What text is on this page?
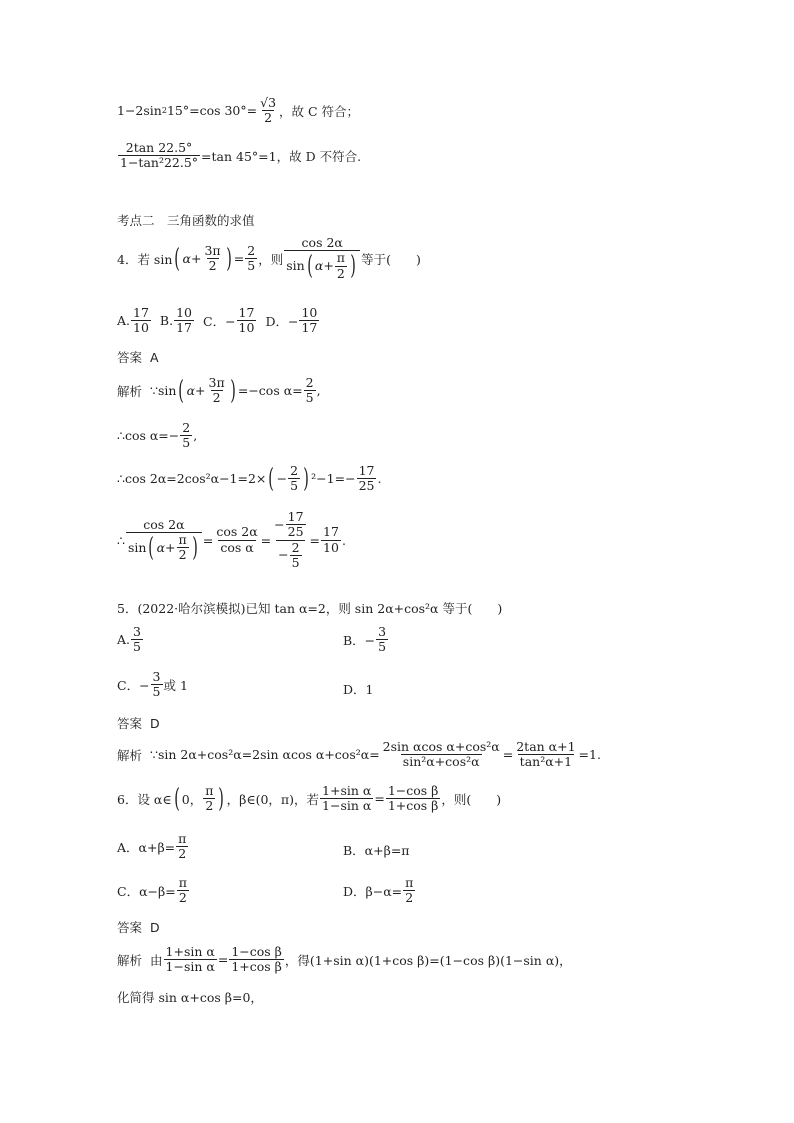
1−2sin 2 15°=cos $30^\circ= \frac{√3}{2}$ ，故 C 符合；
$\frac{2\tan 22.5^\circ}{\text{1−tan²22.5°}} =\tan$ 45°=1，故 D 不符合.
考点二　三角函数的求值
4．若 sin ( $\alpha+ \frac{3\pi}{2}$ ) = $\frac{2}{5}$ ，则 $\frac{\cos 2\alpha}{\sin ( \alpha+ \frac{\pi}{2} )}$ 等于(　　)
A. $\frac{17}{10} B$. $\frac{10}{17}$ C．− $\frac{17}{10}$ D．− $\frac{10}{17}$
答案 A
解析 ∵sin ( $\alpha+ \frac{3\pi}{2}$ ) =−cos $\alpha= \frac{2}{5}$ ,
∴cos $\alpha=- \frac{2}{5}$ ,
∴cos 2α=2cos²α−1=2× ( − $\frac{2}{5}$ ) $^2-1=- \frac{17}{25}$ .
∴ $\frac{\cos 2\alpha}{\sin ( \alpha+ \frac{\pi}{2} )} = \frac{\cos 2\alpha}{\text{cos α}} = \frac{- \frac{17}{25}}{- \frac{2}{5}} = \frac{17}{10}$ .
5．(2022·哈尔滨模拟)已知 tan α=2，则 sin 2α+cos²α 等于(　　)
A. $\frac{3}{5}$	B．− $\frac{3}{5}$
C．− $\frac{3}{5}$ 或 1	D．1
答案 D
解析 ∵sin 2α+cos²α=2sin αcos $\alpha+\cos^2\alpha= \frac{\text{2sin αcos α+cos²α}}{\text{sin²α+cos²α}} = \frac{\text{2tan α+1}}{\text{tan²α+1}} =1$.
6．设 α∈ ( 0， $\frac{\pi}{2}$ ) ，β∈(0，π)，若 $\frac{\text{1+sin α}}{\text{1−sin α}} = \frac{\text{1−cos β}}{\text{1+cos β}}$ ，则(　　)
A．$\alpha+\beta= \frac{\pi}{2}$	B．α+β=π
C．$\alpha-\beta= \frac{\pi}{2}$	D．$\beta-\alpha= \frac{\pi}{2}$
答案 D
解析 由 $\frac{\text{1+sin α}}{\text{1−sin α}} = \frac{\text{1−cos β}}{\text{1+cos β}}$ ，得(1+sin α)(1+cos β)=(1−cos β)(1−sin α)，
化简得 sin α+cos β=0，
